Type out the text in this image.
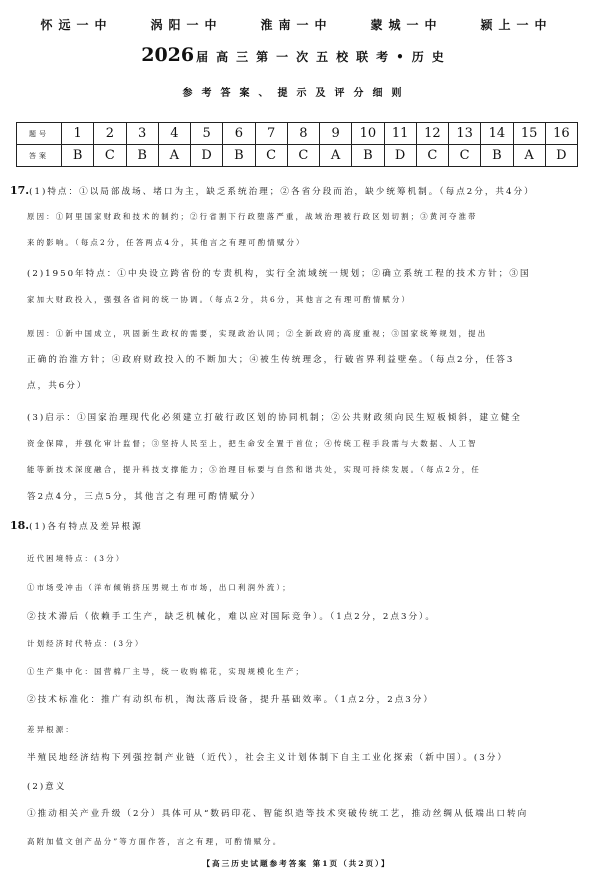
怀远一中	涡阳一中	淮南一中	蒙城一中	颍上一中
2026 届高三第一次五校联考•历史
参考答案、提示及评分细则
题号	1	2	3	4	5	6	7	8	9	10	11	12	13	14	15	16
答案	B	C	B	A	D	B	C	C	A	B	D	C	C	B	A	D
17.(1)特点：①以局部战场、堵口为主，缺乏系统治理；②各省分段而治，缺少统筹机制。（每点2分，共4分）
原因：①阿里国家财政和技术的制约；②行省割下行政堕落严重，战域治理被行政区划切割；③黄河夺淮带
来的影响。（每点2分，任答两点4分，其他言之有理可酌情赋分）
(2)1950年特点：①中央设立跨省份的专责机构，实行全流域统一规划；②确立系统工程的技术方针；③国
家加大财政投入，强强各省间的统一协调。（每点2分，共6分，其他言之有理可酌情赋分）
原因：①新中国成立，巩固新生政权的需要，实现政治认同；②全新政府的高度重视；③国家统筹规划，提出
正确的治淮方针；④政府财政投入的不断加大；④被生传统理念，行破省界利益壁垒。（每点2分，任答3
点，共6分）
(3)启示：①国家治理现代化必须建立打破行政区划的协同机制；②公共财政须向民生短板倾斜，建立健全
资金保障，并强化审计监督；③坚持人民至上，把生命安全置于首位；④传统工程手段需与大数据、人工智
能等新技术深度融合，提升科技支撑能力；⑤治理目标要与自然和谐共处，实现可持续发展。（每点2分，任
答2点4分，三点5分，其他言之有理可酌情赋分）
18.(1)各有特点及差异根源
近代困境特点：(3分）
①市场受冲击（洋布倾销挤压男规土布市场，出口利润外流）；
②技术滞后（依赖手工生产，缺乏机械化，难以应对国际竞争）。（1点2分，2点3分）。
计划经济时代特点：(3分）
①生产集中化：国营棉厂主导，统一收购棉花，实现规模化生产；
②技术标准化：推广有动织布机，淘汰落后设备，提升基础效率。（1点2分，2点3分）
差异根源：
半殖民地经济结构下列强控制产业链（近代），社会主义计划体制下自主工业化探索（新中国）。(3分）
(2)意义
①推动相关产业升级（2分）具体可从“数码印花、智能织造等技术突破传统工艺，推动丝绸从低端出口转向
高附加值文创产品分”等方面作答，言之有理，可酌情赋分。
【高三历史试题参考答案 第1页（共2页）】
